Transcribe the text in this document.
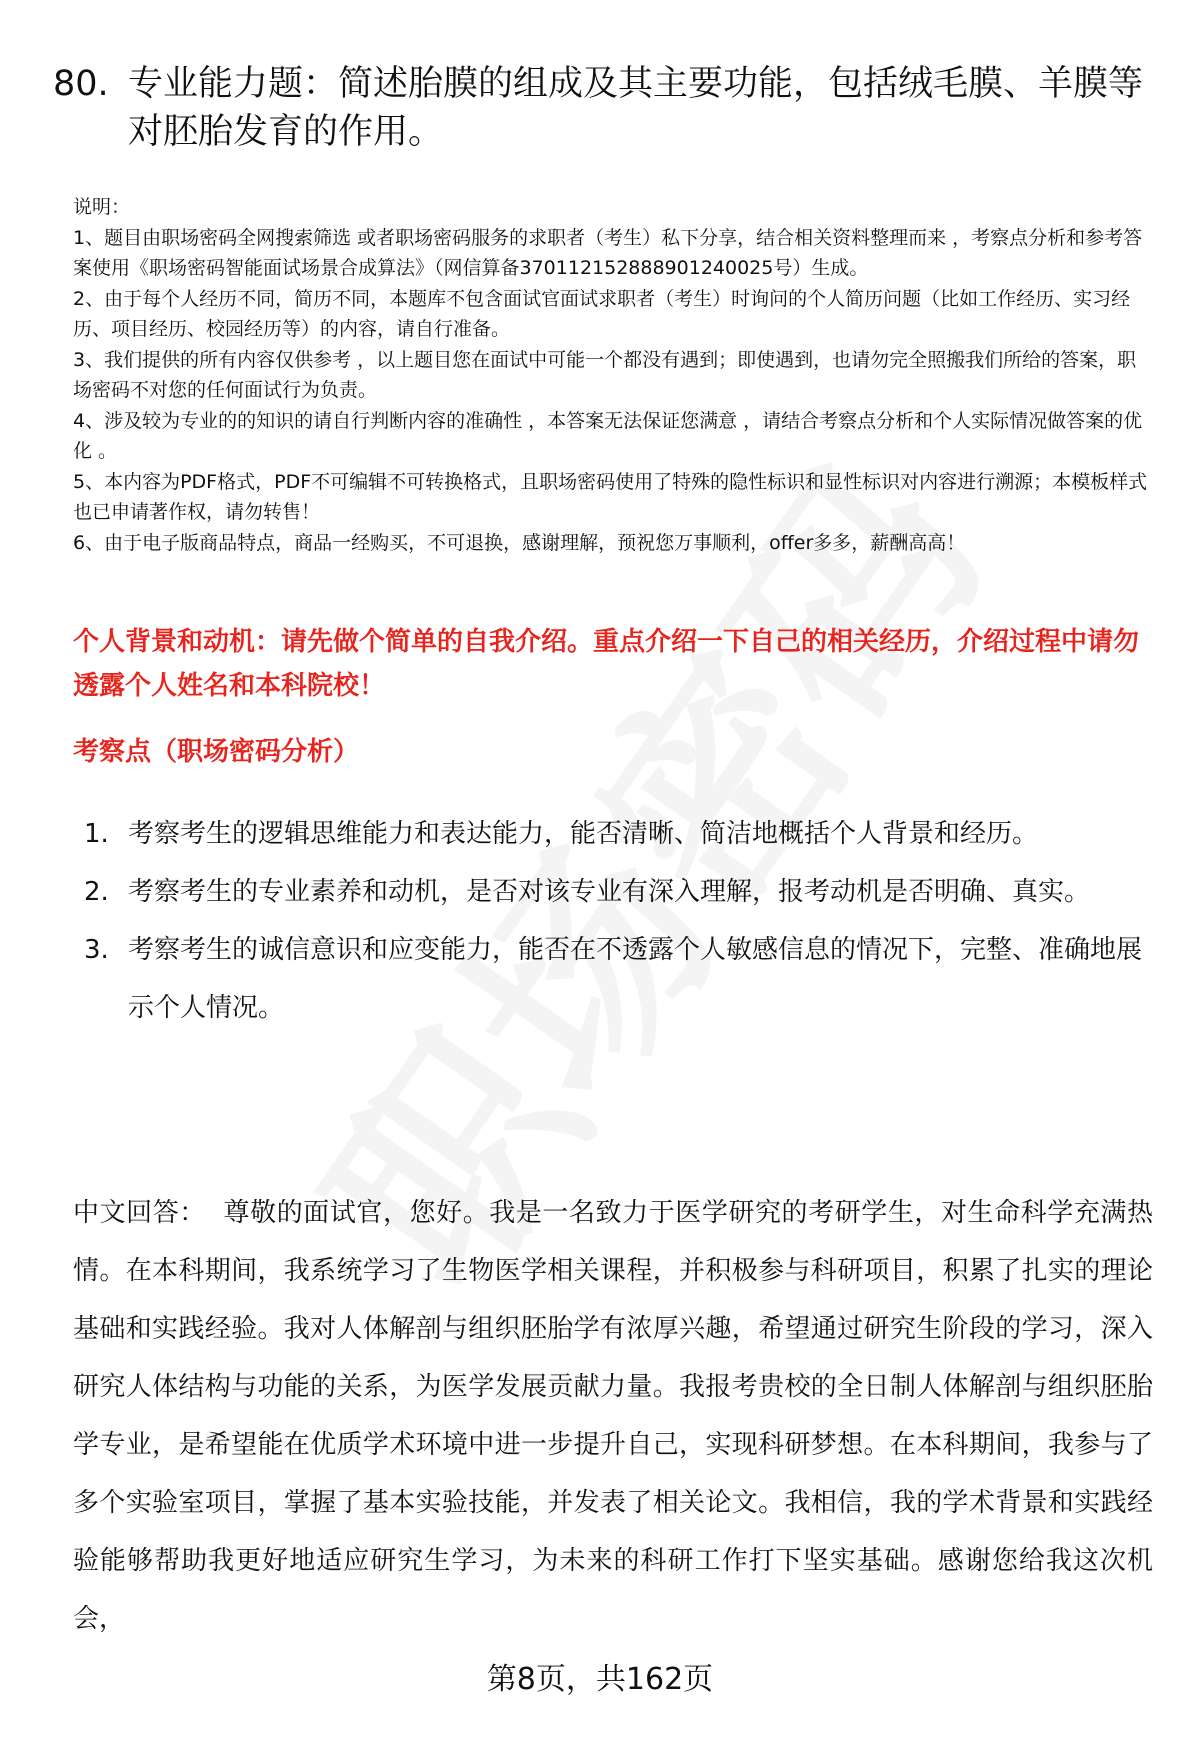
80. 专业能力题：简述胎膜的组成及其主要功能，包括绒毛膜、羊膜等对胚胎发育的作用。
说明：
1、题目由职场密码全网搜索筛选 或者职场密码服务的求职者（考生）私下分享，结合相关资料整理而来 ，考察点分析和参考答案使用《职场密码智能面试场景合成算法》（网信算备370112152888901240025号）生成。
2、由于每个人经历不同，简历不同，本题库不包含面试官面试求职者（考生）时询问的个人简历问题（比如工作经历、实习经历、项目经历、校园经历等）的内容，请自行准备。
3、我们提供的所有内容仅供参考 ，以上题目您在面试中可能一个都没有遇到；即使遇到，也请勿完全照搬我们所给的答案，职场密码不对您的任何面试行为负责。
4、涉及较为专业的的知识的请自行判断内容的准确性 ，本答案无法保证您满意 ，请结合考察点分析和个人实际情况做答案的优化 。
5、本内容为PDF格式，PDF不可编辑不可转换格式，且职场密码使用了特殊的隐性标识和显性标识对内容进行溯源；本模板样式也已申请著作权，请勿转售！
6、由于电子版商品特点，商品一经购买，不可退换，感谢理解，预祝您万事顺利，offer多多，薪酬高高！
个人背景和动机：请先做个简单的自我介绍。重点介绍一下自己的相关经历，介绍过程中请勿透露个人姓名和本科院校！
考察点（职场密码分析）
1. 考察考生的逻辑思维能力和表达能力，能否清晰、简洁地概括个人背景和经历。
2. 考察考生的专业素养和动机，是否对该专业有深入理解，报考动机是否明确、真实。
3. 考察考生的诚信意识和应变能力，能否在不透露个人敏感信息的情况下，完整、准确地展示个人情况。
中文回答： 尊敬的面试官，您好。我是一名致力于医学研究的考研学生，对生命科学充满热情。在本科期间，我系统学习了生物医学相关课程，并积极参与科研项目，积累了扎实的理论基础和实践经验。我对人体解剖与组织胚胎学有浓厚兴趣，希望通过研究生阶段的学习，深入研究人体结构与功能的关系，为医学发展贡献力量。我报考贵校的全日制人体解剖与组织胚胎学专业，是希望能在优质学术环境中进一步提升自己，实现科研梦想。在本科期间，我参与了多个实验室项目，掌握了基本实验技能，并发表了相关论文。我相信，我的学术背景和实践经验能够帮助我更好地适应研究生学习，为未来的科研工作打下坚实基础。感谢您给我这次机会，
第8页，共162页
